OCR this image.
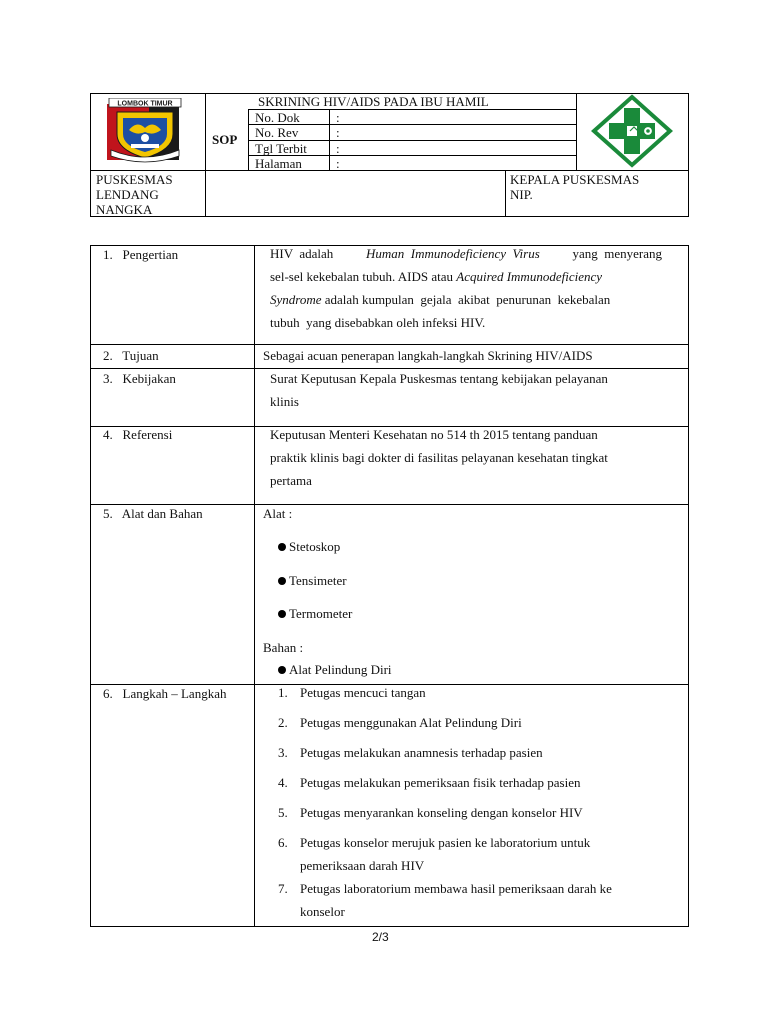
LOMBOK TIMUR
SOP
SKRINING HIV/AIDS PADA IBU HAMIL
No. Dok	:
No. Rev	:
Tgl Terbit :
Halaman	:
PUSKESMAS
LENDANG
NANGKA
KEPALA PUSKESMAS
NIP.
1.   Pengertian	HIV  adalah Human  Immunodeficiency  Virus yang  menyerang
sel-sel kekebalan tubuh. AIDS atau Acquired Immunodeficiency
Syndrome adalah kumpulan  gejala  akibat  penurunan  kekebalan
tubuh  yang disebabkan oleh infeksi HIV.
2.   Tujuan	Sebagai acuan penerapan langkah-langkah Skrining HIV/AIDS
3.   Kebijakan	Surat Keputusan Kepala Puskesmas tentang kebijakan pelayanan
klinis
4.   Referensi	Keputusan Menteri Kesehatan no 514 th 2015 tentang panduan
praktik klinis bagi dokter di fasilitas pelayanan kesehatan tingkat
pertama
5.   Alat dan Bahan	Alat :
Stetoskop
Tensimeter
Termometer
Bahan :
Alat Pelindung Diri
6.   Langkah – Langkah	1. Petugas mencuci tangan
2. Petugas menggunakan Alat Pelindung Diri
3. Petugas melakukan anamnesis terhadap pasien
4. Petugas melakukan pemeriksaan fisik terhadap pasien
5. Petugas menyarankan konseling dengan konselor HIV
6. Petugas konselor merujuk pasien ke laboratorium untuk
pemeriksaan darah HIV
7. Petugas laboratorium membawa hasil pemeriksaan darah ke
konselor
2/3
